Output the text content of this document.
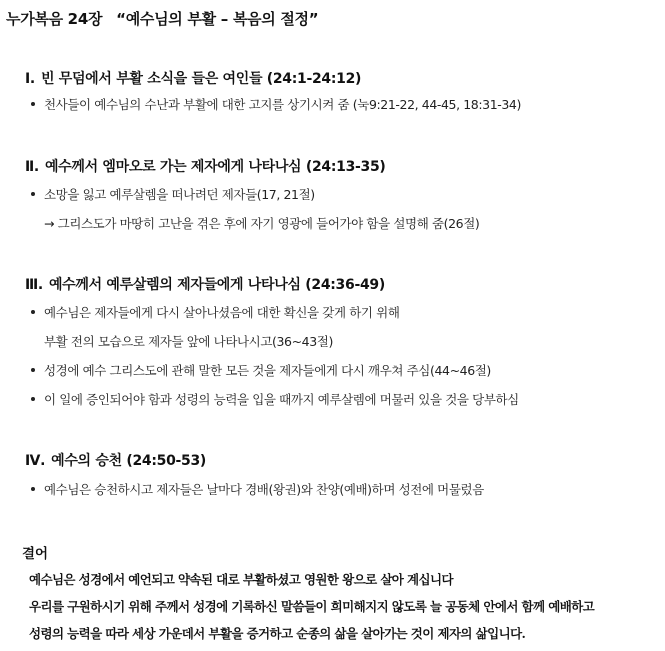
누가복음 24장 “예수님의 부활 – 복음의 절정”
Ⅰ. 빈 무덤에서 부활 소식을 들은 여인들 (24:1-24:12)
천사들이 예수님의 수난과 부활에 대한 고지를 상기시켜 줌 (눅9:21-22, 44-45, 18:31-34)
Ⅱ. 예수께서 엠마오로 가는 제자에게 나타나심 (24:13-35)
소망을 잃고 예루살렘을 떠나려던 제자들(17, 21절)
→ 그리스도가 마땅히 고난을 겪은 후에 자기 영광에 들어가야 함을 설명해 줌(26절)
Ⅲ. 예수께서 예루살렘의 제자들에게 나타나심 (24:36-49)
예수님은 제자들에게 다시 살아나셨음에 대한 확신을 갖게 하기 위해
부활 전의 모습으로 제자들 앞에 나타나시고(36~43절)
성경에 예수 그리스도에 관해 말한 모든 것을 제자들에게 다시 깨우쳐 주심(44~46절)
이 일에 증인되어야 함과 성령의 능력을 입을 때까지 예루살렘에 머물러 있을 것을 당부하심
Ⅳ. 예수의 승천 (24:50-53)
예수님은 승천하시고 제자들은 날마다 경배(왕권)와 찬양(예배)하며 성전에 머물렀음
결어
예수님은 성경에서 예언되고 약속된 대로 부활하셨고 영원한 왕으로 살아 계십니다
우리를 구원하시기 위해 주께서 성경에 기록하신 말씀들이 희미해지지 않도록 늘 공동체 안에서 함께 예배하고
성령의 능력을 따라 세상 가운데서 부활을 증거하고 순종의 삶을 살아가는 것이 제자의 삶입니다.
